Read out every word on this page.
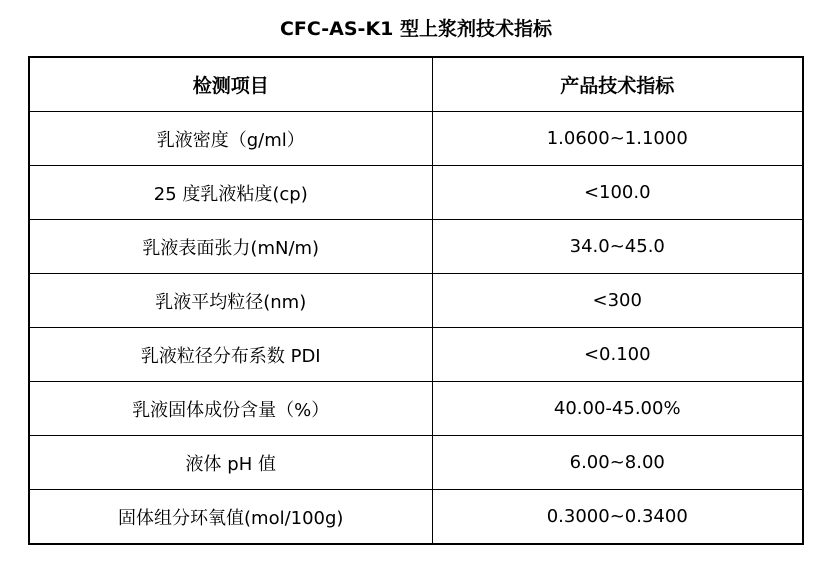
CFC-AS-K1 型上浆剂技术指标
检测项目	产品技术指标
乳液密度（g/ml）	1.0600~1.1000
25 度乳液粘度(cp)	<100.0
乳液表面张力(mN/m)	34.0~45.0
乳液平均粒径(nm)	<300
乳液粒径分布系数 PDI	<0.100
乳液固体成份含量（%）	40.00-45.00%
液体 pH 值	6.00~8.00
固体组分环氧值(mol/100g)	0.3000~0.3400
